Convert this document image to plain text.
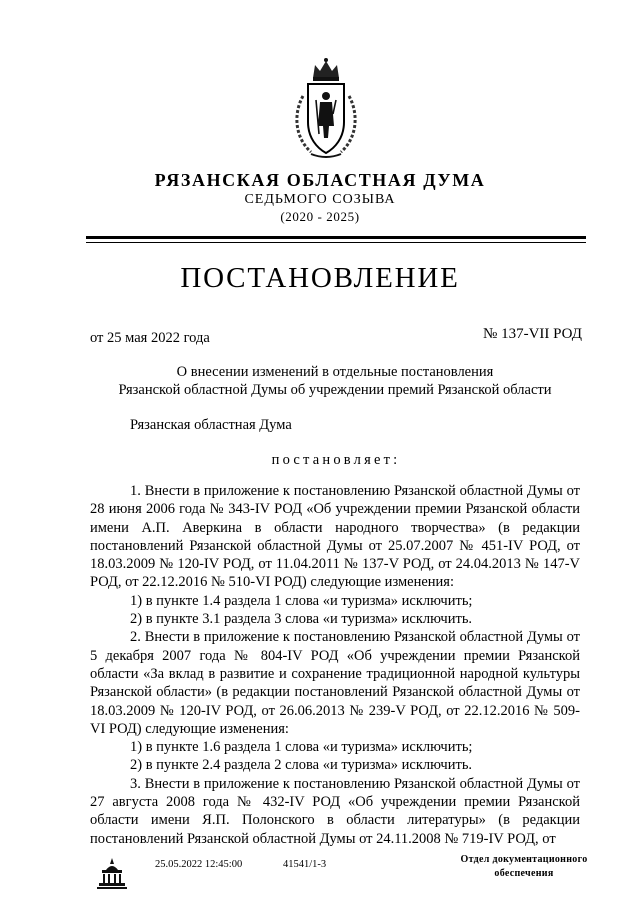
РЯЗАНСКАЯ ОБЛАСТНАЯ ДУМА
СЕДЬМОГО СОЗЫВА
(2020 - 2025)
ПОСТАНОВЛЕНИЕ
от 25 мая 2022 года	№ 137-VII РОД
О внесении изменений в отдельные постановления
Рязанской областной Думы об учреждении премий Рязанской области
Рязанская областная Дума
постановляет:

1. Внести в приложение к постановлению Рязанской областной Думы от 28 июня 2006 года № 343-IV РОД «Об учреждении премии Рязанской области имени А.П. Аверкина в области народного творчества» (в редакции постановлений Рязанской областной Думы от 25.07.2007 № 451-IV РОД, от 18.03.2009 № 120-IV РОД, от 11.04.2011 № 137-V РОД, от 24.04.2013 № 147-V РОД, от 22.12.2016 № 510-VI РОД) следующие изменения:

1) в пункте 1.4 раздела 1 слова «и туризма» исключить;

2) в пункте 3.1 раздела 3 слова «и туризма» исключить.

2. Внести в приложение к постановлению Рязанской областной Думы от 5 декабря 2007 года № 804-IV РОД «Об учреждении премии Рязанской области «За вклад в развитие и сохранение традиционной народной культуры Рязанской области» (в редакции постановлений Рязанской областной Думы от 18.03.2009 № 120-IV РОД, от 26.06.2013 № 239-V РОД, от 22.12.2016 № 509-VI РОД) следующие изменения:

1) в пункте 1.6 раздела 1 слова «и туризма» исключить;

2) в пункте 2.4 раздела 2 слова «и туризма» исключить.

3. Внести в приложение к постановлению Рязанской областной Думы от 27 августа 2008 года № 432-IV РОД «Об учреждении премии Рязанской области имени Я.П. Полонского в области литературы» (в редакции постановлений Рязанской областной Думы от 24.11.2008 № 719-IV РОД, от

25.05.2022 12:45:00	41541/1-3	Отдел документационного
обеспечения
